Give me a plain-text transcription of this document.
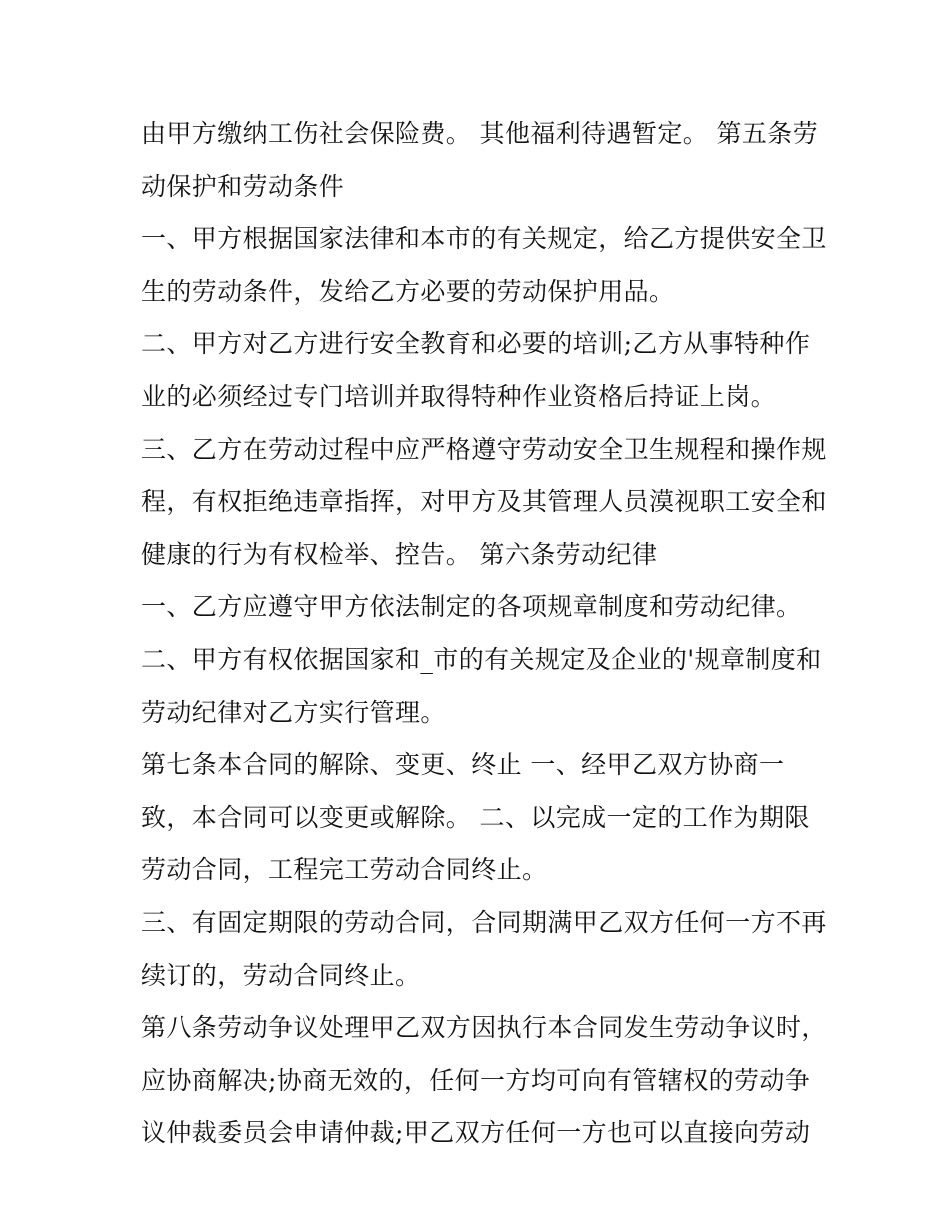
由甲方缴纳工伤社会保险费。 其他福利待遇暂定。 第五条劳
动保护和劳动条件
一、甲方根据国家法律和本市的有关规定，给乙方提供安全卫
生的劳动条件，发给乙方必要的劳动保护用品。
二、甲方对乙方进行安全教育和必要的培训;乙方从事特种作
业的必须经过专门培训并取得特种作业资格后持证上岗。
三、乙方在劳动过程中应严格遵守劳动安全卫生规程和操作规
程，有权拒绝违章指挥，对甲方及其管理人员漠视职工安全和
健康的行为有权检举、控告。 第六条劳动纪律
一、乙方应遵守甲方依法制定的各项规章制度和劳动纪律。
二、甲方有权依据国家和_市的有关规定及企业的'规章制度和
劳动纪律对乙方实行管理。
第七条本合同的解除、变更、终止 一、经甲乙双方协商一
致，本合同可以变更或解除。 二、以完成一定的工作为期限
劳动合同，工程完工劳动合同终止。
三、有固定期限的劳动合同，合同期满甲乙双方任何一方不再
续订的，劳动合同终止。
第八条劳动争议处理甲乙双方因执行本合同发生劳动争议时，
应协商解决;协商无效的，任何一方均可向有管辖权的劳动争
议仲裁委员会申请仲裁;甲乙双方任何一方也可以直接向劳动
